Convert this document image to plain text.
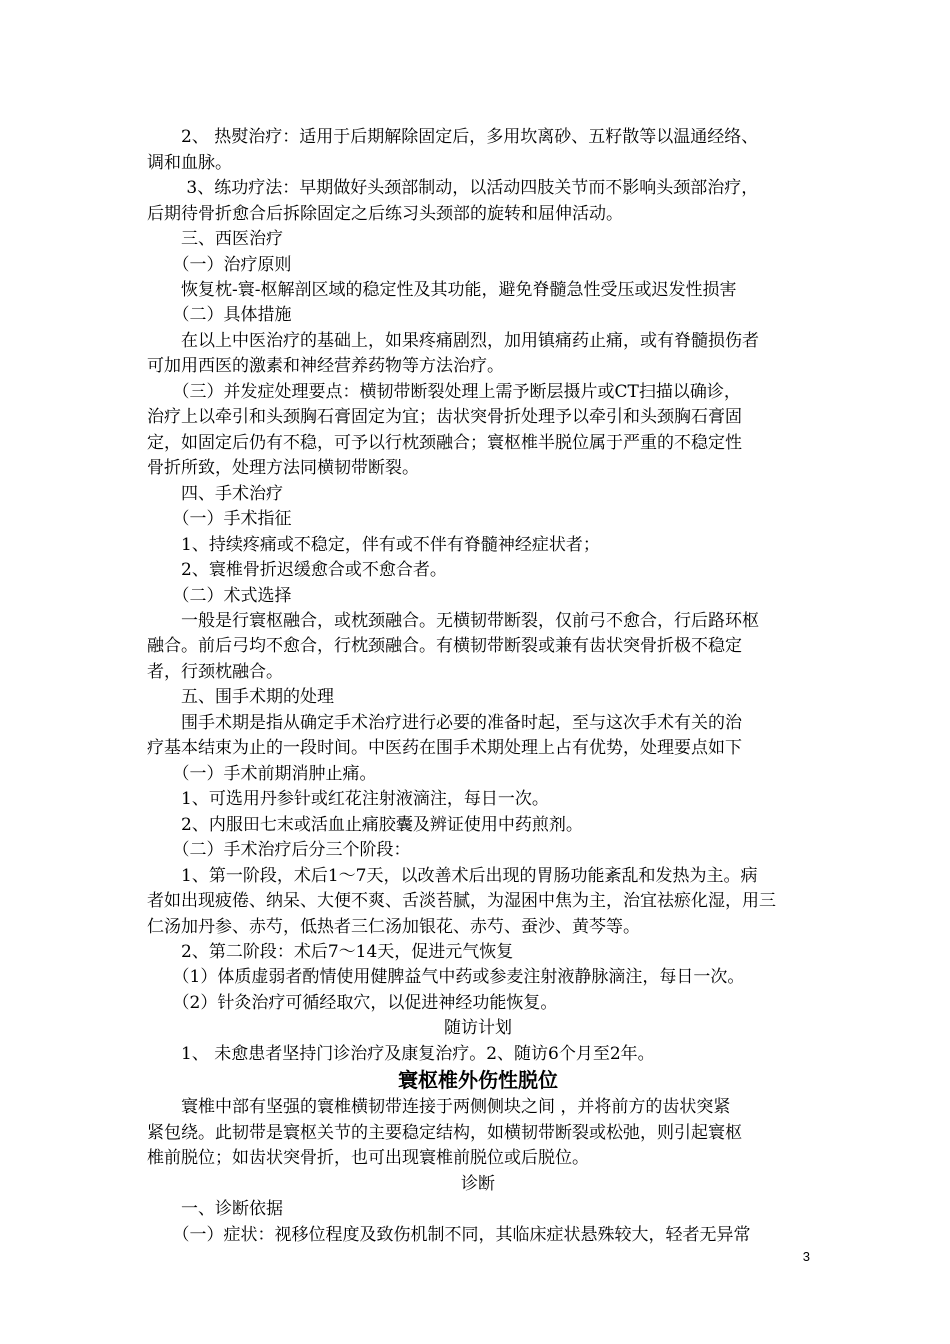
　　2、 热熨治疗：适用于后期解除固定后，多用坎离砂、五籽散等以温通经络、
调和血脉。
　　 3、练功疗法：早期做好头颈部制动，以活动四肢关节而不影响头颈部治疗，
后期待骨折愈合后拆除固定之后练习头颈部的旋转和屈伸活动。
　　三、西医治疗
　　（一）治疗原则
　　恢复枕-寰-枢解剖区域的稳定性及其功能，避免脊髓急性受压或迟发性损害
　　（二）具体措施
　　在以上中医治疗的基础上，如果疼痛剧烈，加用镇痛药止痛，或有脊髓损伤者
可加用西医的激素和神经营养药物等方法治疗。
　　（三）并发症处理要点：横韧带断裂处理上需予断层摄片或CT扫描以确诊，
治疗上以牵引和头颈胸石膏固定为宜；齿状突骨折处理予以牵引和头颈胸石膏固
定，如固定后仍有不稳，可予以行枕颈融合；寰枢椎半脱位属于严重的不稳定性
骨折所致，处理方法同横韧带断裂。
　　四、手术治疗
　　（一）手术指征
　　1、持续疼痛或不稳定，伴有或不伴有脊髓神经症状者；
　　2、寰椎骨折迟缓愈合或不愈合者。
　　（二）术式选择
　　一般是行寰枢融合，或枕颈融合。无横韧带断裂，仅前弓不愈合，行后路环枢
融合。前后弓均不愈合，行枕颈融合。有横韧带断裂或兼有齿状突骨折极不稳定
者，行颈枕融合。
　　五、围手术期的处理
　　围手术期是指从确定手术治疗进行必要的准备时起，至与这次手术有关的治
疗基本结束为止的一段时间。中医药在围手术期处理上占有优势，处理要点如下
　　（一）手术前期消肿止痛。
　　1、可选用丹参针或红花注射液滴注，每日一次。
　　2、内服田七末或活血止痛胶囊及辨证使用中药煎剂。
　　（二）手术治疗后分三个阶段：
　　1、第一阶段，术后1～7天，以改善术后出现的胃肠功能紊乱和发热为主。病
者如出现疲倦、纳呆、大便不爽、舌淡苔腻，为湿困中焦为主，治宜祛瘀化湿，用三
仁汤加丹参、赤芍，低热者三仁汤加银花、赤芍、蚕沙、黄芩等。
　　2、第二阶段：术后7～14天，促进元气恢复
　　（1）体质虚弱者酌情使用健脾益气中药或参麦注射液静脉滴注，每日一次。
　　（2）针灸治疗可循经取穴，以促进神经功能恢复。
随访计划
　　1、 未愈患者坚持门诊治疗及康复治疗。2、随访6个月至2年。
寰枢椎外伤性脱位
　　寰椎中部有坚强的寰椎横韧带连接于两侧侧块之间 ，并将前方的齿状突紧
紧包绕。此韧带是寰枢关节的主要稳定结构，如横韧带断裂或松弛，则引起寰枢
椎前脱位；如齿状突骨折，也可出现寰椎前脱位或后脱位。
诊断
　　一、诊断依据
　　（一）症状：视移位程度及致伤机制不同，其临床症状悬殊较大，轻者无异常
3
